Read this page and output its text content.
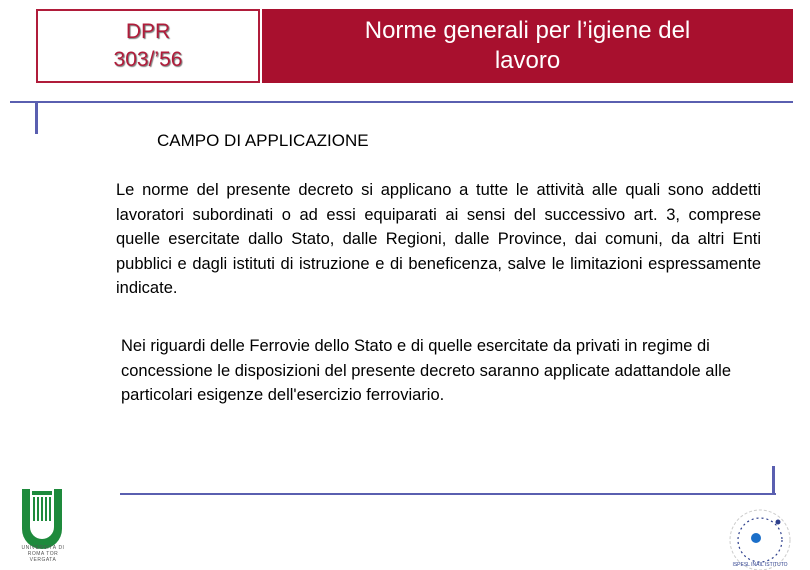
DPR
303/’56
Norme generali per l’igiene del
lavoro
CAMPO DI APPLICAZIONE
Le norme del presente decreto si applicano a tutte le attività alle quali sono addetti lavoratori subordinati o ad essi equiparati ai sensi del successivo art. 3, comprese quelle esercitate dallo Stato, dalle Regioni, dalle Province, dai comuni, da altri Enti pubblici e dagli istituti di istruzione e di beneficenza, salve le limitazioni espressamente indicate.
Nei riguardi delle Ferrovie dello Stato e di quelle esercitate da privati in regime di concessione le disposizioni del presente decreto saranno applicate adattandole alle particolari esigenze dell'esercizio ferroviario.
UNIVERSITÀ DI ROMA TOR VERGATA
ISPESL INAIL ISTITUTO
